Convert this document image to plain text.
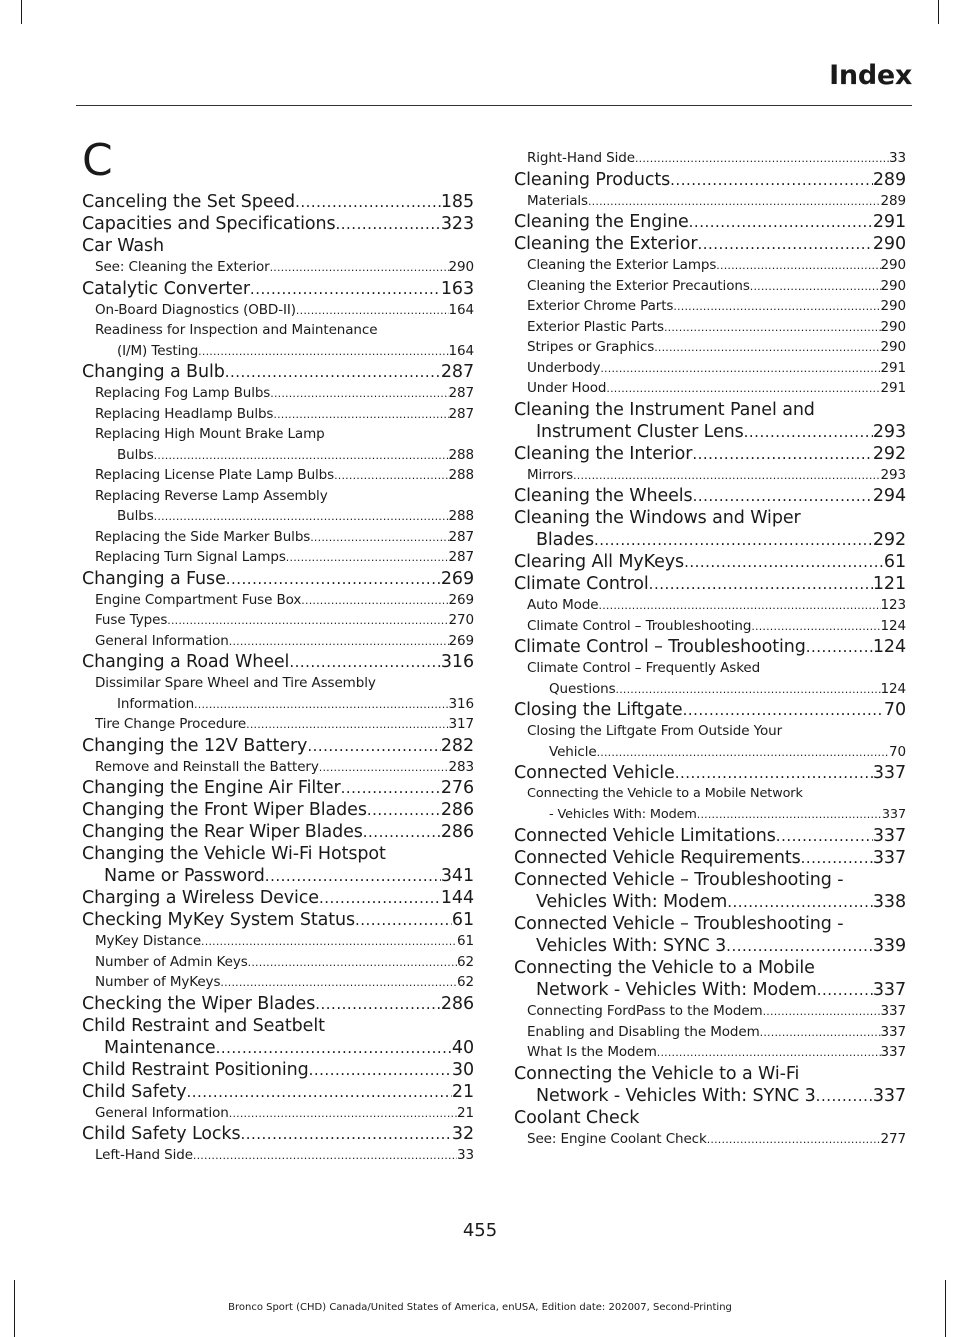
Index
C
Canceling the Set Speed .....	185
Capacities and Specifications .....	323
Car Wash
See: Cleaning the Exterior .....	290
Catalytic Converter .....	163
On-Board Diagnostics (OBD-II) .....	164
Readiness for Inspection and Maintenance
(I/M) Testing .....	164
Changing a Bulb .....	287
Replacing Fog Lamp Bulbs .....	287
Replacing Headlamp Bulbs .....	287
Replacing High Mount Brake Lamp
Bulbs .....	288
Replacing License Plate Lamp Bulbs .....	288
Replacing Reverse Lamp Assembly
Bulbs .....	288
Replacing the Side Marker Bulbs .....	287
Replacing Turn Signal Lamps .....	287
Changing a Fuse .....	269
Engine Compartment Fuse Box .....	269
Fuse Types .....	270
General Information .....	269
Changing a Road Wheel .....	316
Dissimilar Spare Wheel and Tire Assembly
Information .....	316
Tire Change Procedure .....	317
Changing the 12V Battery .....	282
Remove and Reinstall the Battery .....	283
Changing the Engine Air Filter .....	276
Changing the Front Wiper Blades .....	286
Changing the Rear Wiper Blades .....	286
Changing the Vehicle Wi-Fi Hotspot
Name or Password .....	341
Charging a Wireless Device .....	144
Checking MyKey System Status .....	61
MyKey Distance .....	61
Number of Admin Keys .....	62
Number of MyKeys .....	62
Checking the Wiper Blades .....	286
Child Restraint and Seatbelt
Maintenance .....	40
Child Restraint Positioning .....	30
Child Safety .....	21
General Information .....	21
Child Safety Locks .....	32
Left-Hand Side .....	33
Right-Hand Side .....	33
Cleaning Products .....	289
Materials .....	289
Cleaning the Engine .....	291
Cleaning the Exterior .....	290
Cleaning the Exterior Lamps .....	290
Cleaning the Exterior Precautions .....	290
Exterior Chrome Parts .....	290
Exterior Plastic Parts .....	290
Stripes or Graphics .....	290
Underbody .....	291
Under Hood .....	291
Cleaning the Instrument Panel and
Instrument Cluster Lens .....	293
Cleaning the Interior .....	292
Mirrors .....	293
Cleaning the Wheels .....	294
Cleaning the Windows and Wiper
Blades .....	292
Clearing All MyKeys .....	61
Climate Control .....	121
Auto Mode .....	123
Climate Control – Troubleshooting .....	124
Climate Control – Troubleshooting .....	124
Climate Control – Frequently Asked
Questions .....	124
Closing the Liftgate .....	70
Closing the Liftgate From Outside Your
Vehicle .....	70
Connected Vehicle .....	337
Connecting the Vehicle to a Mobile Network
- Vehicles With: Modem .....	337
Connected Vehicle Limitations .....	337
Connected Vehicle Requirements .....	337
Connected Vehicle – Troubleshooting -
Vehicles With: Modem .....	338
Connected Vehicle – Troubleshooting -
Vehicles With: SYNC 3 .....	339
Connecting the Vehicle to a Mobile
Network - Vehicles With: Modem .....	337
Connecting FordPass to the Modem .....	337
Enabling and Disabling the Modem .....	337
What Is the Modem .....	337
Connecting the Vehicle to a Wi-Fi
Network - Vehicles With: SYNC 3 .....	337
Coolant Check
See: Engine Coolant Check .....	277
455
Bronco Sport (CHD) Canada/United States of America, enUSA, Edition date: 202007, Second-Printing
